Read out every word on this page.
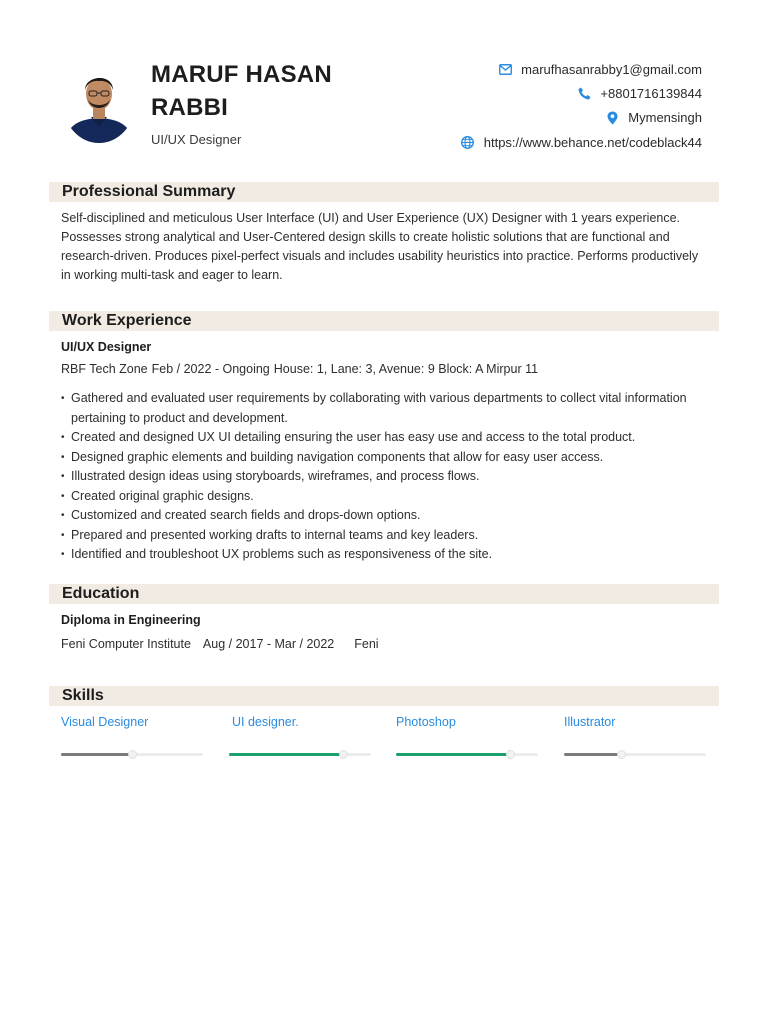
MARUF HASAN
RABBI
UI/UX Designer
marufhasanrabby1@gmail.com
+8801716139844
Mymensingh
https://www.behance.net/codeblack44
Professional Summary
Self-disciplined and meticulous User Interface (UI) and User Experience (UX) Designer with 1 years experience. Possesses strong analytical and User-Centered design skills to create holistic solutions that are functional and research-driven. Produces pixel-perfect visuals and includes usability heuristics into practice. Performs productively in working multi-task and eager to learn.
Work Experience
UI/UX Designer
RBF Tech Zone Feb / 2022 - Ongoing House: 1, Lane: 3, Avenue: 9 Block: A Mirpur 11
• Gathered and evaluated user requirements by collaborating with various departments to collect vital information pertaining to product and development.
• Created and designed UX UI detailing ensuring the user has easy use and access to the total product.
• Designed graphic elements and building navigation components that allow for easy user access.
• Illustrated design ideas using storyboards, wireframes, and process flows.
• Created original graphic designs.
• Customized and created search fields and drops-down options.
• Prepared and presented working drafts to internal teams and key leaders.
• Identified and troubleshoot UX problems such as responsiveness of the site.
Education
Diploma in Engineering
Feni Computer Institute Aug / 2017 - Mar / 2022 Feni
Skills
Visual Designer	UI designer.	Photoshop	Illustrator
